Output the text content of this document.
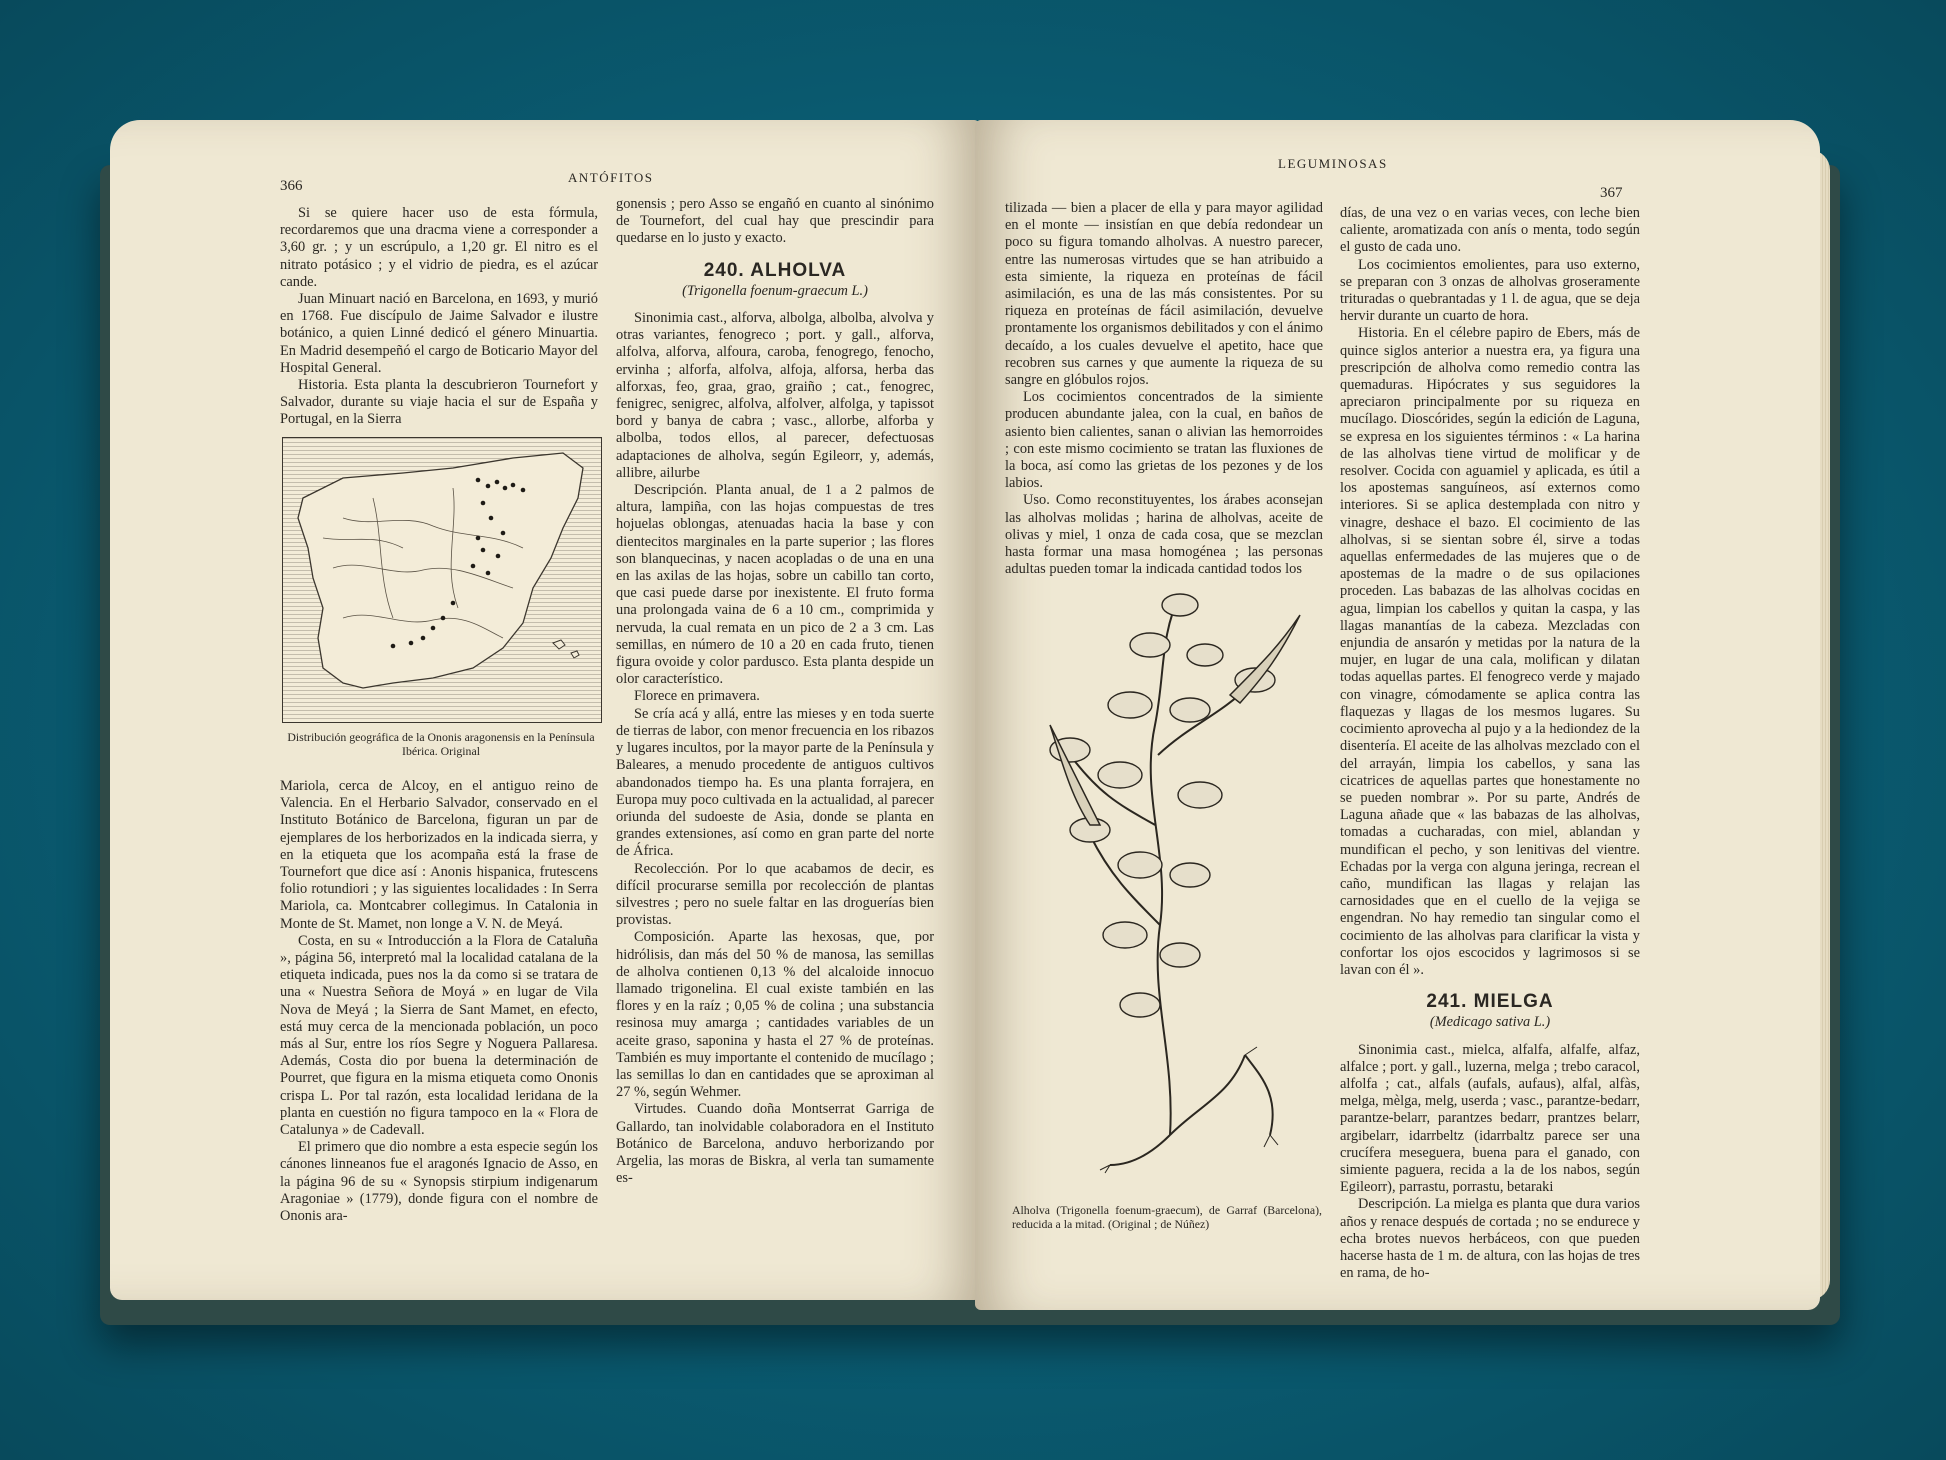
366
ANTÓFITOS

Si se quiere hacer uso de esta fórmula, recordaremos que una dracma viene a corresponder a 3,60 gr. ; y un escrúpulo, a 1,20 gr. El nitro es el nitrato potásico ; y el vidrio de piedra, es el azúcar cande.

Juan Minuart nació en Barcelona, en 1693, y murió en 1768. Fue discípulo de Jaime Salvador e ilustre botánico, a quien Linné dedicó el género Minuartia. En Madrid desempeñó el cargo de Boticario Mayor del Hospital General.

Historia. Esta planta la descubrieron Tournefort y Salvador, durante su viaje hacia el sur de España y Portugal, en la Sierra

Distribución geográfica de la Ononis aragonensis en la Península Ibérica. Original

Mariola, cerca de Alcoy, en el antiguo reino de Valencia. En el Herbario Salvador, conservado en el Instituto Botánico de Barcelona, figuran un par de ejemplares de los herborizados en la indicada sierra, y en la etiqueta que los acompaña está la frase de Tournefort que dice así : Anonis hispanica, frutescens folio rotundiori ; y las siguientes localidades : In Serra Mariola, ca. Montcabrer collegimus. In Catalonia in Monte de St. Mamet, non longe a V. N. de Meyá.

Costa, en su « Introducción a la Flora de Cataluña », página 56, interpretó mal la localidad catalana de la etiqueta indicada, pues nos la da como si se tratara de una « Nuestra Señora de Moyá » en lugar de Vila Nova de Meyá ; la Sierra de Sant Mamet, en efecto, está muy cerca de la mencionada población, un poco más al Sur, entre los ríos Segre y Noguera Pallaresa. Además, Costa dio por buena la determinación de Pourret, que figura en la misma etiqueta como Ononis crispa L. Por tal razón, esta localidad leridana de la planta en cuestión no figura tampoco en la « Flora de Catalunya » de Cadevall.

El primero que dio nombre a esta especie según los cánones linneanos fue el aragonés Ignacio de Asso, en la página 96 de su « Synopsis stirpium indigenarum Aragoniae » (1779), donde figura con el nombre de Ononis ara-

gonensis ; pero Asso se engañó en cuanto al sinónimo de Tournefort, del cual hay que prescindir para quedarse en lo justo y exacto.

240. ALHOLVA
(Trigonella foenum-graecum L.)

Sinonimia cast., alforva, albolga, albolba, alvolva y otras variantes, fenogreco ; port. y gall., alforva, alfolva, alforva, alfoura, caroba, fenogrego, fenocho, ervinha ; alforfa, alfolva, alfoja, alforsa, herba das alforxas, feo, graa, grao, graiño ; cat., fenogrec, fenigrec, senigrec, alfolva, alfolver, alfolga, y tapissot bord y banya de cabra ; vasc., allorbe, alforba y albolba, todos ellos, al parecer, defectuosas adaptaciones de alholva, según Egileorr, y, además, allibre, ailurbe

Descripción. Planta anual, de 1 a 2 palmos de altura, lampiña, con las hojas compuestas de tres hojuelas oblongas, atenuadas hacia la base y con dientecitos marginales en la parte superior ; las flores son blanquecinas, y nacen acopladas o de una en una en las axilas de las hojas, sobre un cabillo tan corto, que casi puede darse por inexistente. El fruto forma una prolongada vaina de 6 a 10 cm., comprimida y nervuda, la cual remata en un pico de 2 a 3 cm. Las semillas, en número de 10 a 20 en cada fruto, tienen figura ovoide y color pardusco. Esta planta despide un olor característico.

Florece en primavera.

Se cría acá y allá, entre las mieses y en toda suerte de tierras de labor, con menor frecuencia en los ribazos y lugares incultos, por la mayor parte de la Península y Baleares, a menudo procedente de antiguos cultivos abandonados tiempo ha. Es una planta forrajera, en Europa muy poco cultivada en la actualidad, al parecer oriunda del sudoeste de Asia, donde se planta en grandes extensiones, así como en gran parte del norte de África.

Recolección. Por lo que acabamos de decir, es difícil procurarse semilla por recolección de plantas silvestres ; pero no suele faltar en las droguerías bien provistas.

Composición. Aparte las hexosas, que, por hidrólisis, dan más del 50 % de manosa, las semillas de alholva contienen 0,13 % del alcaloide innocuo llamado trigonelina. El cual existe también en las flores y en la raíz ; 0,05 % de colina ; una substancia resinosa muy amarga ; cantidades variables de un aceite graso, saponina y hasta el 27 % de proteínas. También es muy importante el contenido de mucílago ; las semillas lo dan en cantidades que se aproximan al 27 %, según Wehmer.

Virtudes. Cuando doña Montserrat Garriga de Gallardo, tan inolvidable colaboradora en el Instituto Botánico de Barcelona, anduvo herborizando por Argelia, las moras de Biskra, al verla tan sumamente es-

LEGUMINOSAS
367

tilizada — bien a placer de ella y para mayor agilidad en el monte — insistían en que debía redondear un poco su figura tomando alholvas. A nuestro parecer, entre las numerosas virtudes que se han atribuido a esta simiente, la riqueza en proteínas de fácil asimilación, es una de las más consistentes. Por su riqueza en proteínas de fácil asimilación, devuelve prontamente los organismos debilitados y con el ánimo decaído, a los cuales devuelve el apetito, hace que recobren sus carnes y que aumente la riqueza de su sangre en glóbulos rojos.

Los cocimientos concentrados de la simiente producen abundante jalea, con la cual, en baños de asiento bien calientes, sanan o alivian las hemorroides ; con este mismo cocimiento se tratan las fluxiones de la boca, así como las grietas de los pezones y de los labios.

Uso. Como reconstituyentes, los árabes aconsejan las alholvas molidas ; harina de alholvas, aceite de olivas y miel, 1 onza de cada cosa, que se mezclan hasta formar una masa homogénea ; las personas adultas pueden tomar la indicada cantidad todos los

Alholva (Trigonella foenum-graecum), de Garraf (Barcelona), reducida a la mitad. (Original ; de Núñez)

días, de una vez o en varias veces, con leche bien caliente, aromatizada con anís o menta, todo según el gusto de cada uno.

Los cocimientos emolientes, para uso externo, se preparan con 3 onzas de alholvas groseramente trituradas o quebrantadas y 1 l. de agua, que se deja hervir durante un cuarto de hora.

Historia. En el célebre papiro de Ebers, más de quince siglos anterior a nuestra era, ya figura una prescripción de alholva como remedio contra las quemaduras. Hipócrates y sus seguidores la apreciaron principalmente por su riqueza en mucílago. Dioscórides, según la edición de Laguna, se expresa en los siguientes términos : « La harina de las alholvas tiene virtud de molificar y de resolver. Cocida con aguamiel y aplicada, es útil a los apostemas sanguíneos, así externos como interiores. Si se aplica destemplada con nitro y vinagre, deshace el bazo. El cocimiento de las alholvas, si se sientan sobre él, sirve a todas aquellas enfermedades de las mujeres que o de apostemas de la madre o de sus opilaciones proceden. Las babazas de las alholvas cocidas en agua, limpian los cabellos y quitan la caspa, y las llagas manantías de la cabeza. Mezcladas con enjundia de ansarón y metidas por la natura de la mujer, en lugar de una cala, molifican y dilatan todas aquellas partes. El fenogreco verde y majado con vinagre, cómodamente se aplica contra las flaquezas y llagas de los mesmos lugares. Su cocimiento aprovecha al pujo y a la hediondez de la disentería. El aceite de las alholvas mezclado con el del arrayán, limpia los cabellos, y sana las cicatrices de aquellas partes que honestamente no se pueden nombrar ». Por su parte, Andrés de Laguna añade que « las babazas de las alholvas, tomadas a cucharadas, con miel, ablandan y mundifican el pecho, y son lenitivas del vientre. Echadas por la verga con alguna jeringa, recrean el caño, mundifican las llagas y relajan las carnosidades que en el cuello de la vejiga se engendran. No hay remedio tan singular como el cocimiento de las alholvas para clarificar la vista y confortar los ojos escocidos y lagrimosos si se lavan con él ».

241. MIELGA
(Medicago sativa L.)

Sinonimia cast., mielca, alfalfa, alfalfe, alfaz, alfalce ; port. y gall., luzerna, melga ; trebo caracol, alfolfa ; cat., alfals (aufals, aufaus), alfal, alfàs, melga, mèlga, melg, userda ; vasc., parantze-bedarr, parantze-belarr, parantzes bedarr, prantzes belarr, argibelarr, idarrbeltz (idarrbaltz parece ser una crucífera meseguera, buena para el ganado, con simiente paguera, recida a la de los nabos, según Egileorr), parrastu, porrastu, betaraki

Descripción. La mielga es planta que dura varios años y renace después de cortada ; no se endurece y echa brotes nuevos herbáceos, con que pueden hacerse hasta de 1 m. de altura, con las hojas de tres en rama, de ho-
